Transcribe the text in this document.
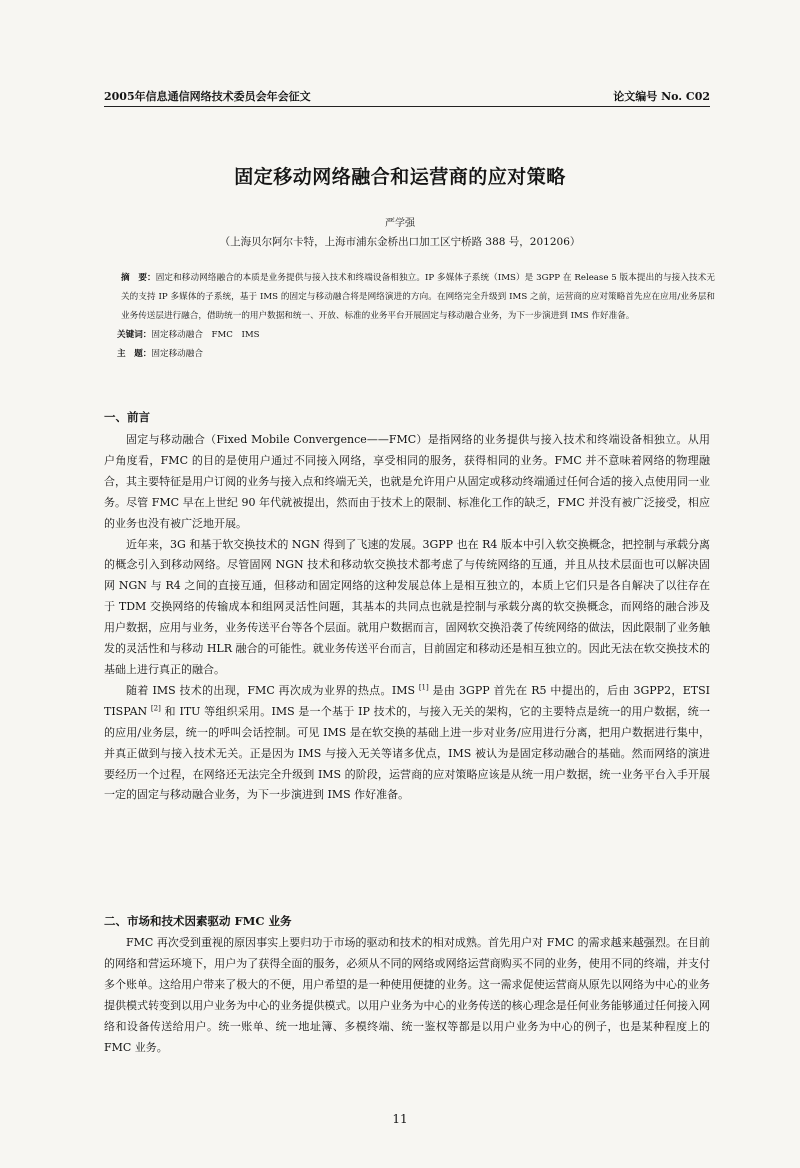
2005年信息通信网络技术委员会年会征文	论文编号 No. C02
固定移动网络融合和运营商的应对策略
严学强
（上海贝尔阿尔卡特，上海市浦东金桥出口加工区宁桥路 388 号，201206）
摘　要：固定和移动网络融合的本质是业务提供与接入技术和终端设备相独立。IP 多媒体子系统（IMS）是 3GPP 在 Release 5 版本提出的与接入技术无关的支持 IP 多媒体的子系统，基于 IMS 的固定与移动融合将是网络演进的方向。在网络完全升级到 IMS 之前，运营商的应对策略首先应在应用/业务层和业务传送层进行融合，借助统一的用户数据和统一、开放、标准的业务平台开展固定与移动融合业务，为下一步演进到 IMS 作好准备。
关键词：固定移动融合　FMC　IMS
主　题：固定移动融合
一、前言

固定与移动融合（Fixed Mobile Convergence——FMC）是指网络的业务提供与接入技术和终端设备相独立。从用户角度看，FMC 的目的是使用户通过不同接入网络，享受相同的服务，获得相同的业务。FMC 并不意味着网络的物理融合，其主要特征是用户订阅的业务与接入点和终端无关，也就是允许用户从固定或移动终端通过任何合适的接入点使用同一业务。尽管 FMC 早在上世纪 90 年代就被提出，然而由于技术上的限制、标准化工作的缺乏，FMC 并没有被广泛接受，相应的业务也没有被广泛地开展。

近年来，3G 和基于软交换技术的 NGN 得到了飞速的发展。3GPP 也在 R4 版本中引入软交换概念，把控制与承载分离的概念引入到移动网络。尽管固网 NGN 技术和移动软交换技术都考虑了与传统网络的互通，并且从技术层面也可以解决固网 NGN 与 R4 之间的直接互通，但移动和固定网络的这种发展总体上是相互独立的，本质上它们只是各自解决了以往存在于 TDM 交换网络的传输成本和组网灵活性问题，其基本的共同点也就是控制与承载分离的软交换概念，而网络的融合涉及用户数据，应用与业务，业务传送平台等各个层面。就用户数据而言，固网软交换沿袭了传统网络的做法，因此限制了业务触发的灵活性和与移动 HLR 融合的可能性。就业务传送平台而言，目前固定和移动还是相互独立的。因此无法在软交换技术的基础上进行真正的融合。

随着 IMS 技术的出现，FMC 再次成为业界的热点。IMS [1] 是由 3GPP 首先在 R5 中提出的，后由 3GPP2，ETSI TISPAN [2] 和 ITU 等组织采用。IMS 是一个基于 IP 技术的，与接入无关的架构，它的主要特点是统一的用户数据，统一的应用/业务层，统一的呼叫会话控制。可见 IMS 是在软交换的基础上进一步对业务/应用进行分离，把用户数据进行集中，并真正做到与接入技术无关。正是因为 IMS 与接入无关等诸多优点，IMS 被认为是固定移动融合的基础。然而网络的演进要经历一个过程，在网络还无法完全升级到 IMS 的阶段，运营商的应对策略应该是从统一用户数据，统一业务平台入手开展一定的固定与移动融合业务，为下一步演进到 IMS 作好准备。

二、市场和技术因素驱动 FMC 业务

FMC 再次受到重视的原因事实上要归功于市场的驱动和技术的相对成熟。首先用户对 FMC 的需求越来越强烈。在目前的网络和营运环境下，用户为了获得全面的服务，必须从不同的网络或网络运营商购买不同的业务，使用不同的终端，并支付多个账单。这给用户带来了极大的不便，用户希望的是一种使用便捷的业务。这一需求促使运营商从原先以网络为中心的业务提供模式转变到以用户业务为中心的业务提供模式。以用户业务为中心的业务传送的核心理念是任何业务能够通过任何接入网络和设备传送给用户。统一账单、统一地址簿、多模终端、统一鉴权等都是以用户业务为中心的例子，也是某种程度上的 FMC 业务。

11
